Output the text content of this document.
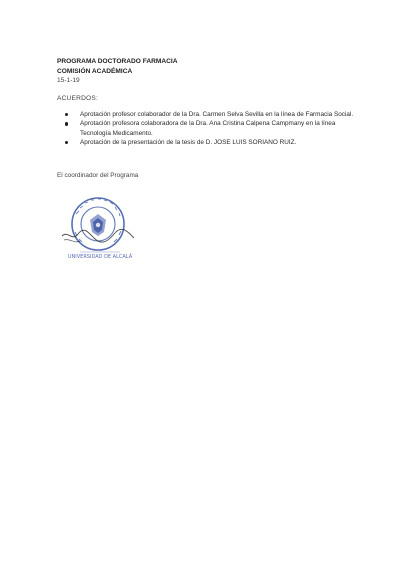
PROGRAMA DOCTORADO FARMACIA
COMISIÓN ACADÉMICA
15-1-19
ACUERDOS:
Aprotación profesor colaborador de la Dra. Carmen Selva Sevilla en la línea de Farmacia Social.
Aprotación profesora colaboradora de la Dra. Ana Cristina Calpena Campmany en la línea Tecnología Medicamento.
Aprotación de la presentación de la tesis de D. JOSE LUIS SORIANO RUIZ.
El coordinador del Programa
UNIVERSIDAD DE ALCALÁ
